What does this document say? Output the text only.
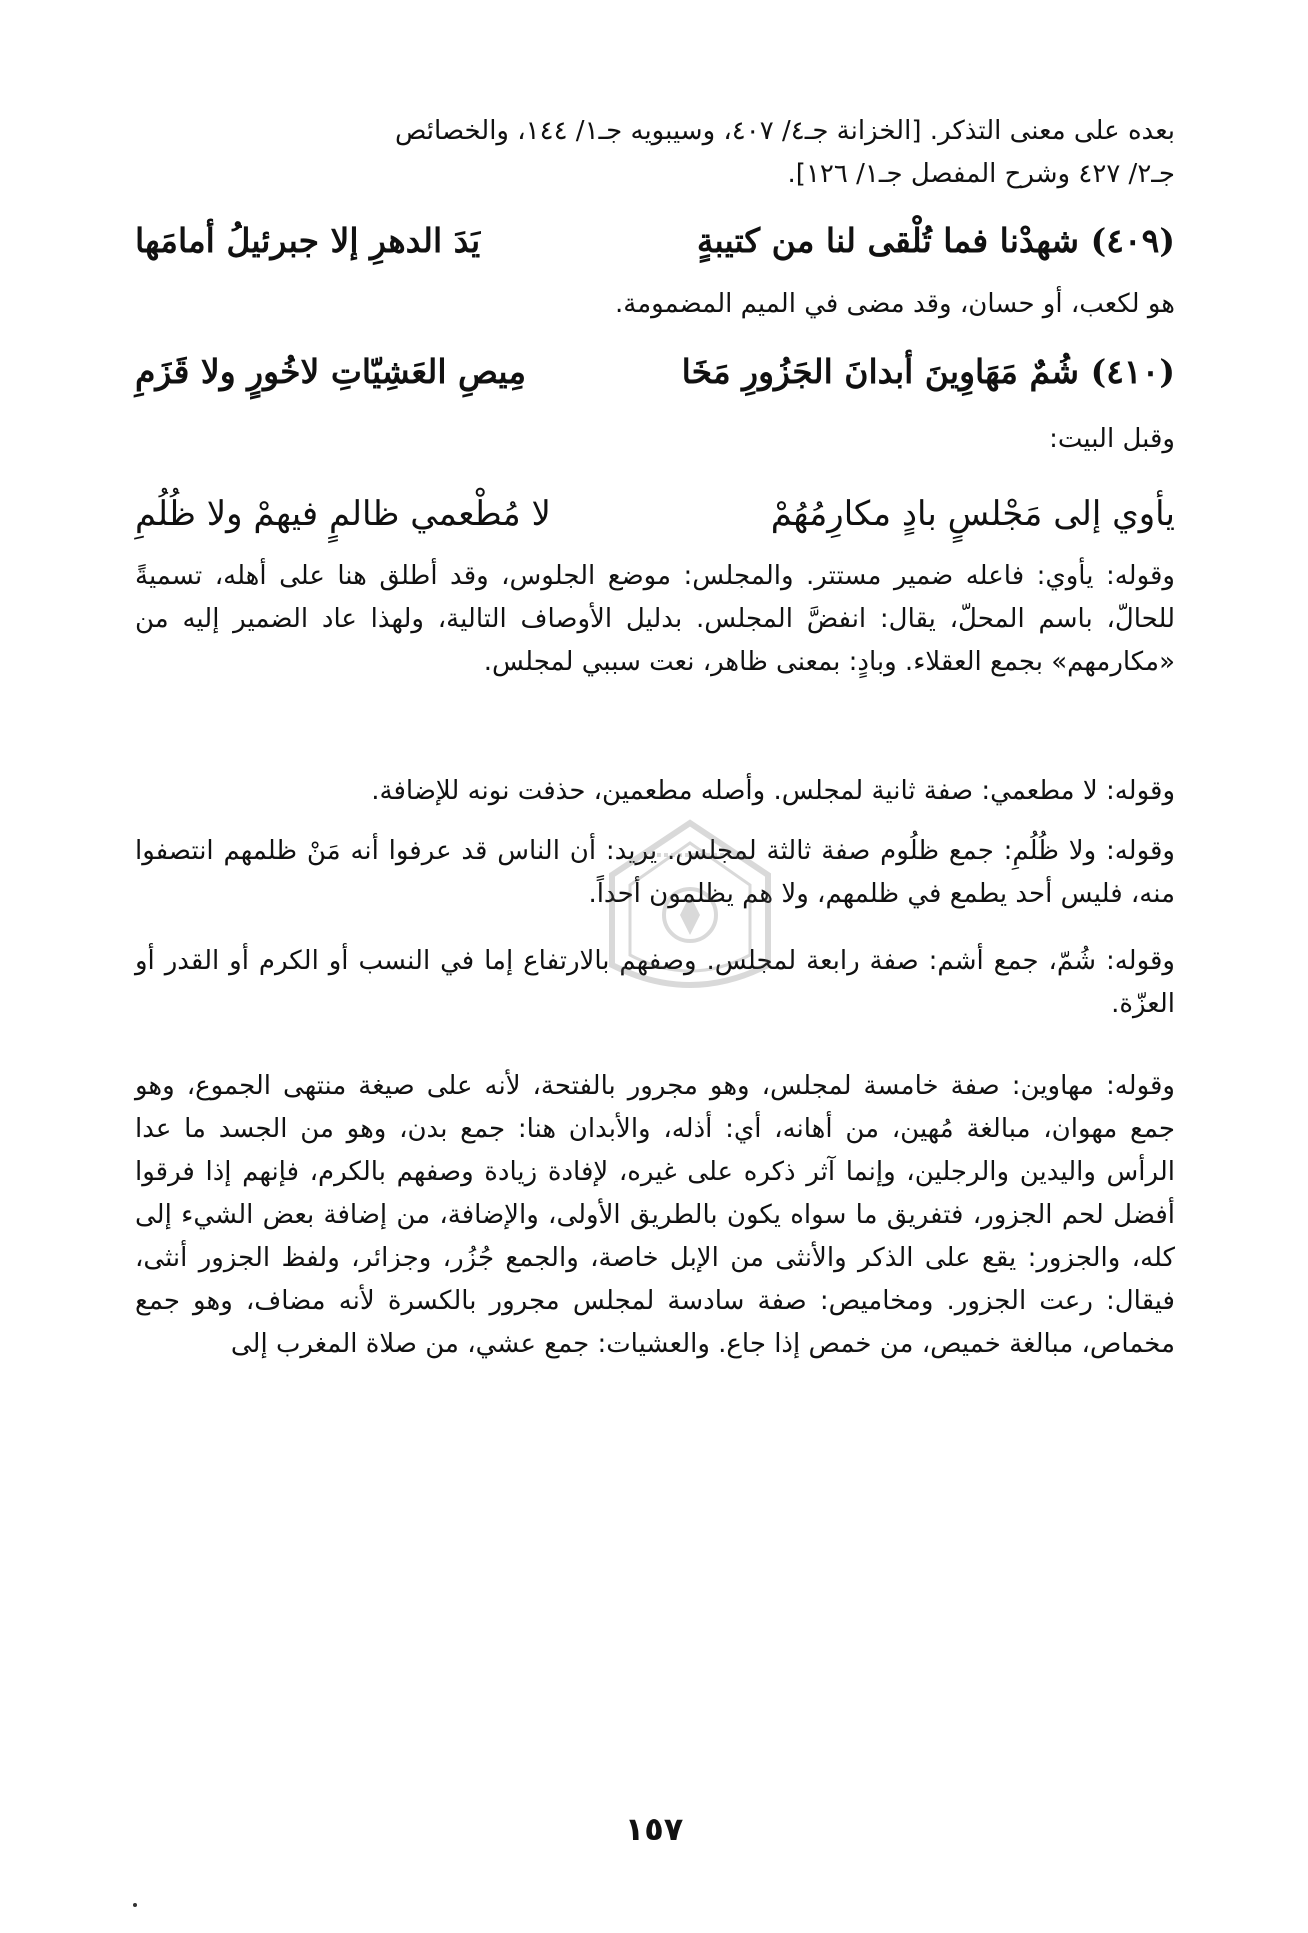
بعده على معنى التذكر. [الخزانة جـ٤/ ٤٠٧، وسيبويه جـ١/ ١٤٤، والخصائص

جـ٢/ ٤٢٧ وشرح المفصل جـ١/ ١٢٦].

(٤٠٩) شهدْنا فما تُلْقى لنا من كتيبةٍ
يَدَ الدهرِ إلا جبرئيلُ أمامَها

هو لكعب، أو حسان، وقد مضى في الميم المضمومة.

(٤١٠) شُمٌ مَهَاوِينَ أبدانَ الجَزُورِ مَخَا
مِيصِ العَشِيّاتِ لاخُورٍ ولا قَزَمِ

وقبل البيت:

يأوي إلى مَجْلسٍ بادٍ مكارِمُهُمْ
لا مُطْعمي ظالمٍ فيهمْ ولا ظُلُمِ

وقوله: يأوي: فاعله ضمير مستتر. والمجلس: موضع الجلوس، وقد أطلق هنا على أهله، تسميةً للحالّ، باسم المحلّ، يقال: انفضَّ المجلس. بدليل الأوصاف التالية، ولهذا عاد الضمير إليه من «مكارمهم» بجمع العقلاء. وبادٍ: بمعنى ظاهر، نعت سببي لمجلس.

وقوله: لا مطعمي: صفة ثانية لمجلس. وأصله مطعمين، حذفت نونه للإضافة.

وقوله: ولا ظُلُمِ: جمع ظلُوم صفة ثالثة لمجلس. يريد: أن الناس قد عرفوا أنه مَنْ ظلمهم انتصفوا منه، فليس أحد يطمع في ظلمهم، ولا هم يظلمون أحداً.

وقوله: شُمّ، جمع أشم: صفة رابعة لمجلس. وصفهم بالارتفاع إما في النسب أو الكرم أو القدر أو العزّة.

وقوله: مهاوين: صفة خامسة لمجلس، وهو مجرور بالفتحة، لأنه على صيغة منتهى الجموع، وهو جمع مهوان، مبالغة مُهين، من أهانه، أي: أذله، والأبدان هنا: جمع بدن، وهو من الجسد ما عدا الرأس واليدين والرجلين، وإنما آثر ذكره على غيره، لإفادة زيادة وصفهم بالكرم، فإنهم إذا فرقوا أفضل لحم الجزور، فتفريق ما سواه يكون بالطريق الأولى، والإضافة، من إضافة بعض الشيء إلى كله، والجزور: يقع على الذكر والأنثى من الإبل خاصة، والجمع جُزُر، وجزائر، ولفظ الجزور أنثى، فيقال: رعت الجزور. ومخاميص: صفة سادسة لمجلس مجرور بالكسرة لأنه مضاف، وهو جمع مخماص، مبالغة خميص، من خمص إذا جاع. والعشيات: جمع عشي، من صلاة المغرب إلى

١٥٧
